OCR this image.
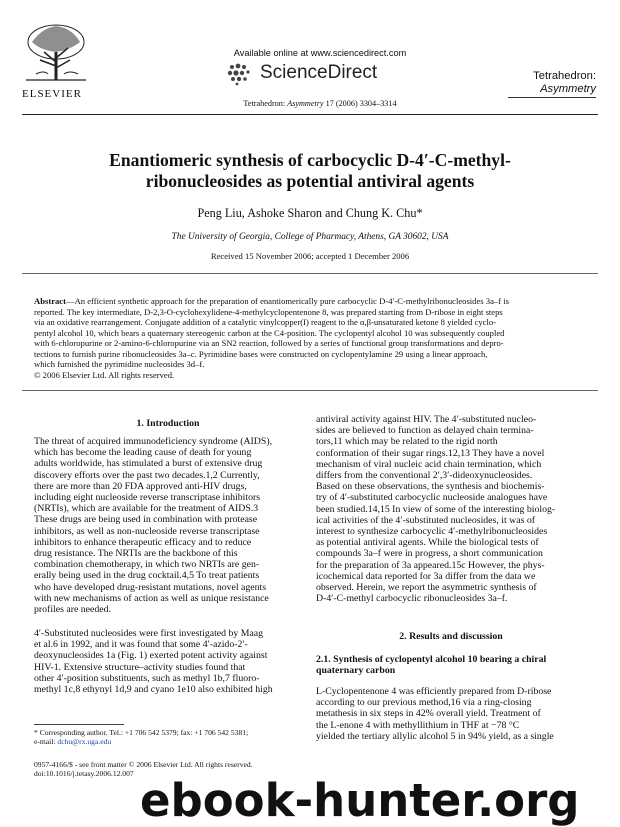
ELSEVIER
Available online at www.sciencedirect.com
ScienceDirect	Tetrahedron:
Asymmetry
Tetrahedron: Asymmetry 17 (2006) 3304–3314
Enantiomeric synthesis of carbocyclic D-4′-C-methyl-
ribonucleosides as potential antiviral agents
Peng Liu, Ashoke Sharon and Chung K. Chu*
The University of Georgia, College of Pharmacy, Athens, GA 30602, USA
Received 15 November 2006; accepted 1 December 2006
Abstract—An efficient synthetic approach for the preparation of enantiomerically pure carbocyclic D-4′-C-methylribonucleosides 3a–f is
reported. The key intermediate, D-2,3-O-cyclohexylidene-4-methylcyclopentenone 8, was prepared starting from D-ribose in eight steps
via an oxidative rearrangement. Conjugate addition of a catalytic vinylcopper(I) reagent to the α,β-unsaturated ketone 8 yielded cyclo-
pentyl alcohol 10, which bears a quaternary stereogenic carbon at the C4-position. The cyclopentyl alcohol 10 was subsequently coupled
with 6-chloropurine or 2-amino-6-chloropurine via an SN2 reaction, followed by a series of functional group transformations and depro-
tections to furnish purine ribonucleosides 3a–c. Pyrimidine bases were constructed on cyclopentylamine 29 using a linear approach,
which furnished the pyrimidine nucleosides 3d–f.
© 2006 Elsevier Ltd. All rights reserved.
1. Introduction
The threat of acquired immunodeficiency syndrome (AIDS),
which has become the leading cause of death for young
adults worldwide, has stimulated a burst of extensive drug
discovery efforts over the past two decades.1,2 Currently,
there are more than 20 FDA approved anti-HIV drugs,
including eight nucleoside reverse transcriptase inhibitors
(NRTIs), which are available for the treatment of AIDS.3
These drugs are being used in combination with protease
inhibitors, as well as non-nucleoside reverse transcriptase
inhibitors to enhance therapeutic efficacy and to reduce
drug resistance. The NRTIs are the backbone of this
combination chemotherapy, in which two NRTIs are gen-
erally being used in the drug cocktail.4,5 To treat patients
who have developed drug-resistant mutations, novel agents
with new mechanisms of action as well as unique resistance
profiles are needed.
4′-Substituted nucleosides were first investigated by Maag
et al.6 in 1992, and it was found that some 4′-azido-2′-
deoxynucleosides 1a (Fig. 1) exerted potent activity against
HIV-1. Extensive structure–activity studies found that
other 4′-position substituents, such as methyl 1b,7 fluoro-
methyl 1c,8 ethynyl 1d,9 and cyano 1e10 also exhibited high
* Corresponding author. Tel.: +1 706 542 5379; fax: +1 706 542 5381;
e-mail: dchu@rx.uga.edu
0957-4166/$ - see front matter © 2006 Elsevier Ltd. All rights reserved.
doi:10.1016/j.tetasy.2006.12.007
antiviral activity against HIV. The 4′-substituted nucleo-
sides are believed to function as delayed chain termina-
tors,11 which may be related to the rigid north
conformation of their sugar rings.12,13 They have a novel
mechanism of viral nucleic acid chain termination, which
differs from the conventional 2′,3′-dideoxynucleosides.
Based on these observations, the synthesis and biochemis-
try of 4′-substituted carbocyclic nucleoside analogues have
been studied.14,15 In view of some of the interesting biolog-
ical activities of the 4′-substituted nucleosides, it was of
interest to synthesize carbocyclic 4′-methylribonucleosides
as potential antiviral agents. While the biological tests of
compounds 3a–f were in progress, a short communication
for the preparation of 3a appeared.15c However, the phys-
icochemical data reported for 3a differ from the data we
observed. Herein, we report the asymmetric synthesis of
D-4′-C-methyl carbocyclic ribonucleosides 3a–f.
2. Results and discussion
2.1. Synthesis of cyclopentyl alcohol 10 bearing a chiral
quaternary carbon
L-Cyclopentenone 4 was efficiently prepared from D-ribose
according to our previous method,16 via a ring-closing
metathesis in six steps in 42% overall yield. Treatment of
the L-enone 4 with methyllithium in THF at −78 °C
yielded the tertiary allylic alcohol 5 in 94% yield, as a single
ebook-hunter.org
